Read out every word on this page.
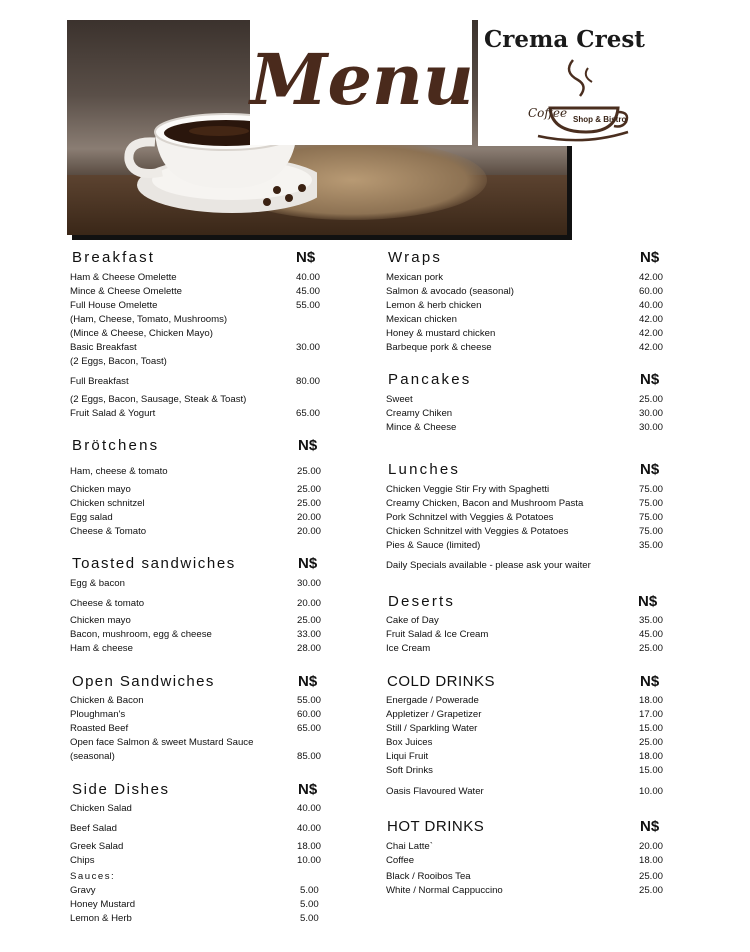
Menu Crema Crest
Coffee Shop & Bistro
Breakfast	N$
Ham & Cheese Omelette	40.00
Mince & Cheese Omelette	45.00
Full House Omelette	55.00
(Ham, Cheese, Tomato, Mushrooms)
(Mince & Cheese, Chicken Mayo)
Basic Breakfast	30.00
(2 Eggs, Bacon, Toast)
Full Breakfast	80.00
(2 Eggs, Bacon, Sausage, Steak & Toast)
Fruit Salad & Yogurt	65.00
Brötchens	N$
Ham, cheese & tomato	25.00
Chicken mayo	25.00
Chicken schnitzel	25.00
Egg salad	20.00
Cheese & Tomato	20.00
Toasted sandwiches	N$
Egg & bacon	30.00
Cheese & tomato	20.00
Chicken mayo	25.00
Bacon, mushroom, egg & cheese	33.00
Ham & cheese	28.00
Open Sandwiches	N$
Chicken & Bacon	55.00
Ploughman's	60.00
Roasted Beef	65.00
Open face Salmon & sweet Mustard Sauce
(seasonal)	85.00
Side Dishes	N$
Chicken Salad	40.00
Beef Salad	40.00
Greek Salad	18.00
Chips	10.00
Sauces:
Gravy	5.00
Honey Mustard	5.00
Lemon & Herb	5.00
Wraps	N$
Mexican pork	42.00
Salmon & avocado (seasonal)	60.00
Lemon & herb chicken	40.00
Mexican chicken	42.00
Honey & mustard chicken	42.00
Barbeque pork & cheese	42.00
Pancakes	N$
Sweet	25.00
Creamy Chiken	30.00
Mince & Cheese	30.00
Lunches	N$
Chicken Veggie Stir Fry with Spaghetti	75.00
Creamy Chicken, Bacon and Mushroom Pasta	75.00
Pork Schnitzel with Veggies & Potatoes	75.00
Chicken Schnitzel with Veggies & Potatoes	75.00
Pies & Sauce (limited)	35.00
Daily Specials available - please ask your waiter
Deserts	N$
Cake of Day	35.00
Fruit Salad & Ice Cream	45.00
Ice Cream	25.00
COLD DRINKS	N$
Energade / Powerade	18.00
Appletizer / Grapetizer	17.00
Still / Sparkling Water	15.00
Box Juices	25.00
Liqui Fruit	18.00
Soft Drinks	15.00
Oasis Flavoured Water	10.00
HOT DRINKS	N$
Chai Latte`	20.00
Coffee	18.00
Black / Rooibos Tea	25.00
White / Normal Cappuccino	25.00
